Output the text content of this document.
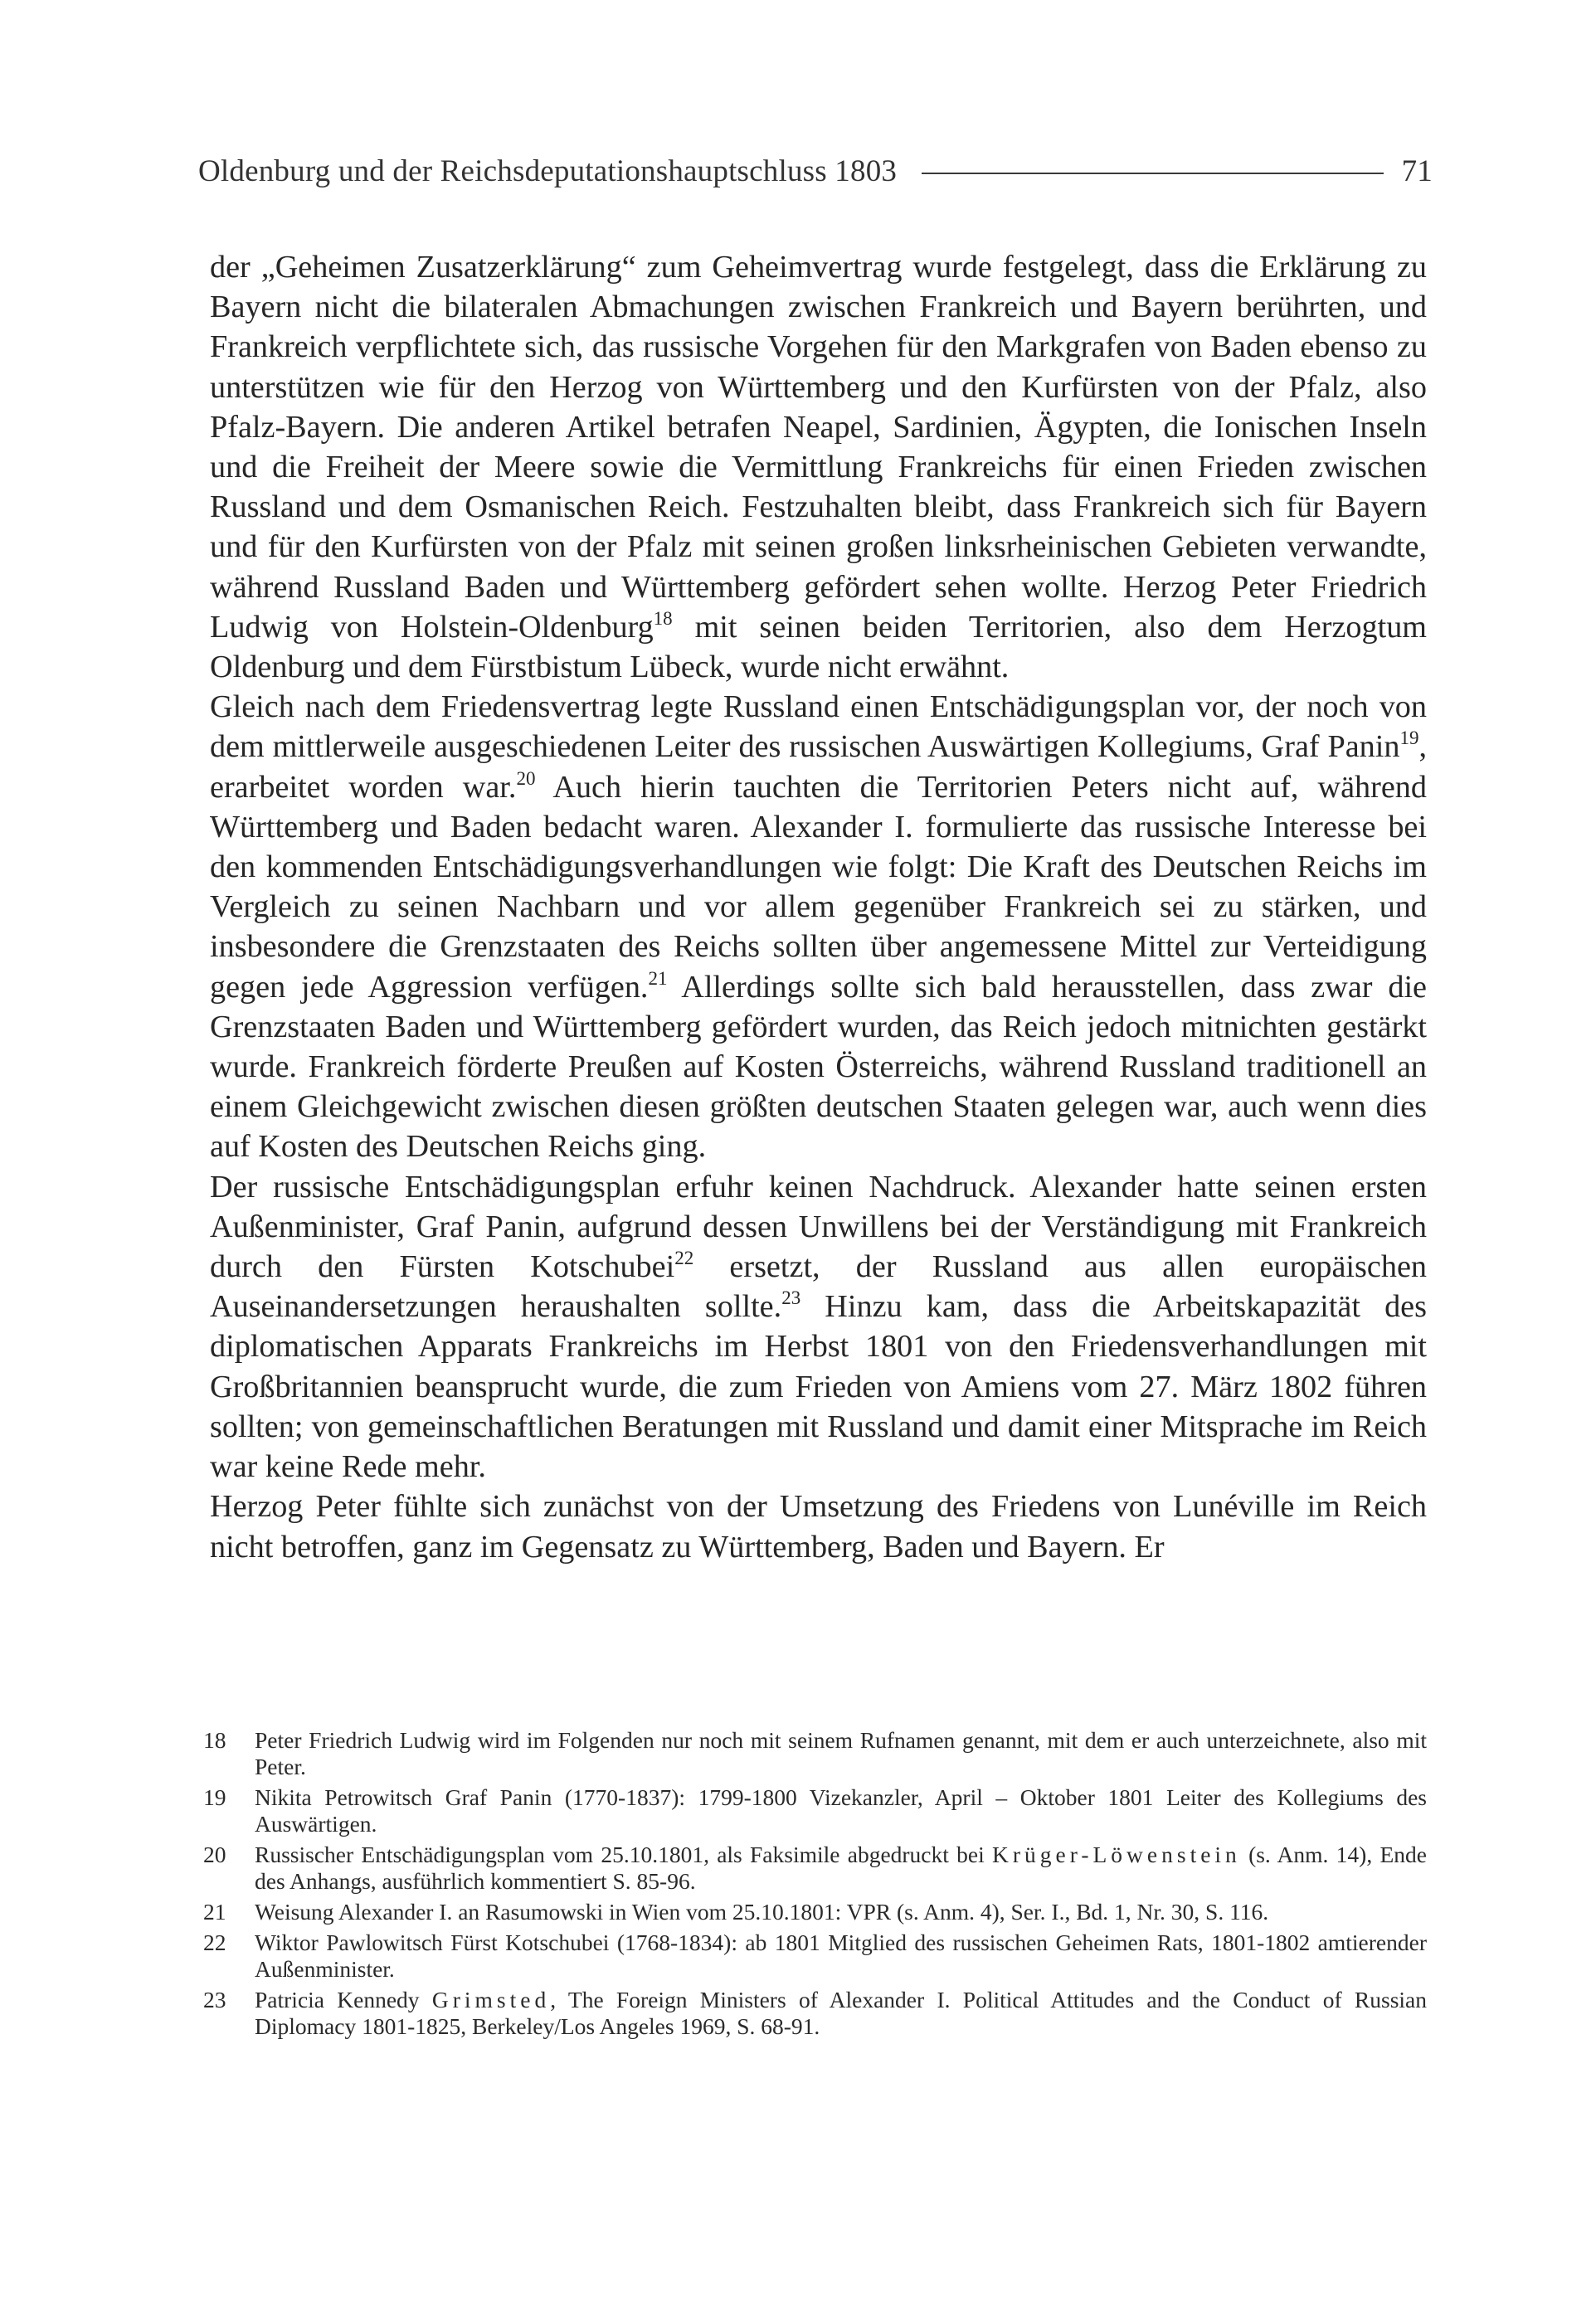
Oldenburg und der Reichsdeputationshauptschluss 1803	71

der „Geheimen Zusatzerklärung“ zum Geheimvertrag wurde festgelegt, dass die Erklärung zu Bayern nicht die bilateralen Abmachungen zwischen Frankreich und Bayern berührten, und Frankreich verpflichtete sich, das russische Vorgehen für den Markgrafen von Baden ebenso zu unterstützen wie für den Herzog von Württemberg und den Kurfürsten von der Pfalz, also Pfalz-Bayern. Die anderen Artikel betrafen Neapel, Sardinien, Ägypten, die Ionischen Inseln und die Freiheit der Meere sowie die Vermittlung Frankreichs für einen Frieden zwischen Russland und dem Osmanischen Reich. Festzuhalten bleibt, dass Frankreich sich für Bayern und für den Kurfürsten von der Pfalz mit seinen großen linksrheinischen Gebieten verwandte, während Russland Baden und Württemberg gefördert sehen wollte. Herzog Peter Friedrich Ludwig von Holstein-Oldenburg$^{18}$ mit seinen beiden Territorien, also dem Herzogtum Oldenburg und dem Fürstbistum Lübeck, wurde nicht erwähnt.

Gleich nach dem Friedensvertrag legte Russland einen Entschädigungsplan vor, der noch von dem mittlerweile ausgeschiedenen Leiter des russischen Auswärtigen Kollegiums, Graf Panin$^{19}$, erarbeitet worden war.$^{20}$ Auch hierin tauchten die Territorien Peters nicht auf, während Württemberg und Baden bedacht waren. Alexander I. formulierte das russische Interesse bei den kommenden Entschädigungsverhandlungen wie folgt: Die Kraft des Deutschen Reichs im Vergleich zu seinen Nachbarn und vor allem gegenüber Frankreich sei zu stärken, und insbesondere die Grenzstaaten des Reichs sollten über angemessene Mittel zur Verteidigung gegen jede Aggression verfügen.$^{21}$ Allerdings sollte sich bald herausstellen, dass zwar die Grenzstaaten Baden und Württemberg gefördert wurden, das Reich jedoch mitnichten gestärkt wurde. Frankreich förderte Preußen auf Kosten Österreichs, während Russland traditionell an einem Gleichgewicht zwischen diesen größten deutschen Staaten gelegen war, auch wenn dies auf Kosten des Deutschen Reichs ging.

Der russische Entschädigungsplan erfuhr keinen Nachdruck. Alexander hatte seinen ersten Außenminister, Graf Panin, aufgrund dessen Unwillens bei der Verständigung mit Frankreich durch den Fürsten Kotschubei$^{22}$ ersetzt, der Russland aus allen europäischen Auseinandersetzungen heraushalten sollte.$^{23}$ Hinzu kam, dass die Arbeitskapazität des diplomatischen Apparats Frankreichs im Herbst 1801 von den Friedensverhandlungen mit Großbritannien beansprucht wurde, die zum Frieden von Amiens vom 27. März 1802 führen sollten; von gemeinschaftlichen Beratungen mit Russland und damit einer Mitsprache im Reich war keine Rede mehr.

Herzog Peter fühlte sich zunächst von der Umsetzung des Friedens von Lunéville im Reich nicht betroffen, ganz im Gegensatz zu Württemberg, Baden und Bayern. Er

18	Peter Friedrich Ludwig wird im Folgenden nur noch mit seinem Rufnamen genannt, mit dem er auch unterzeichnete, also mit Peter.
19	Nikita Petrowitsch Graf Panin (1770-1837): 1799-1800 Vizekanzler, April – Oktober 1801 Leiter des Kollegiums des Auswärtigen.
20	Russischer Entschädigungsplan vom 25.10.1801, als Faksimile abgedruckt bei Krüger-Löwenstein (s. Anm. 14), Ende des Anhangs, ausführlich kommentiert S. 85-96.
21	Weisung Alexander I. an Rasumowski in Wien vom 25.10.1801: VPR (s. Anm. 4), Ser. I., Bd. 1, Nr. 30, S. 116.
22	Wiktor Pawlowitsch Fürst Kotschubei (1768-1834): ab 1801 Mitglied des russischen Geheimen Rats, 1801-1802 amtierender Außenminister.
23	Patricia Kennedy Grimsted, The Foreign Ministers of Alexander I. Political Attitudes and the Conduct of Russian Diplomacy 1801-1825, Berkeley/Los Angeles 1969, S. 68-91.
